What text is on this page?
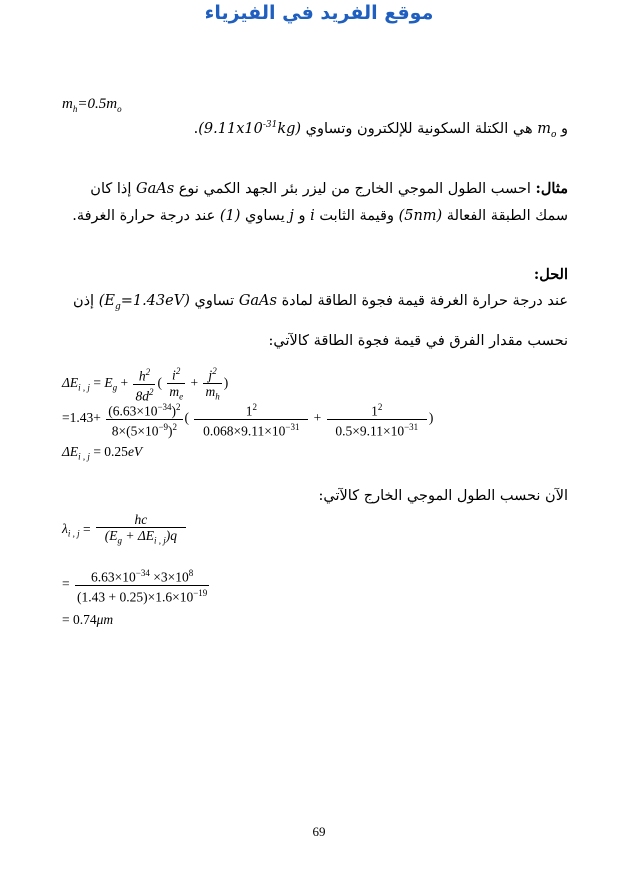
موقع الفريد في الفيزياء
$m_h=0.5m_o$
و $m_o$ هي الكتلة السكونية للإلكترون وتساوي $(9.11x10^{-31}kg)$.
مثال: احسب الطول الموجي الخارج من ليزر بئر الجهد الكمي نوع GaAs إذا كان
سمك الطبقة الفعالة (5nm) وقيمة الثابت i و j يساوي (1) عند درجة حرارة الغرفة.
الحل:
عند درجة حرارة الغرفة قيمة فجوة الطاقة لمادة GaAs تساوي $(E_g=1.43eV)$ إذن
نحسب مقدار الفرق في قيمة فجوة الطاقة كالآتي:
$\Delta E_{i , j} = E_g + \frac{h^2}{8d^2}$ ( $\frac{i^2}{m_e} + \frac{j^2}{m_h}$ )
$=1.43+ \frac{(6.63\times 10^{-34})^2}{8\times(5\times 10^{-9})^2}$ ( $\frac{1^2}{0.068\times 9.11\times 10^{-31}} + \frac{1^2}{0.5\times 9.11\times 10^{-31}}$ )
$\Delta E_{i , j} = 0.25eV$
الآن نحسب الطول الموجي الخارج كالآتي:
$\lambda_{i , j} = \frac{hc}{(E_g + \Delta E_{i , j})q}$
= $\frac{6.63\times 10^{-34} \times 3\times 10^8}{(1.43 + 0.25)\times 1.6\times 10^{-19}}$
= 0.74μm
69
